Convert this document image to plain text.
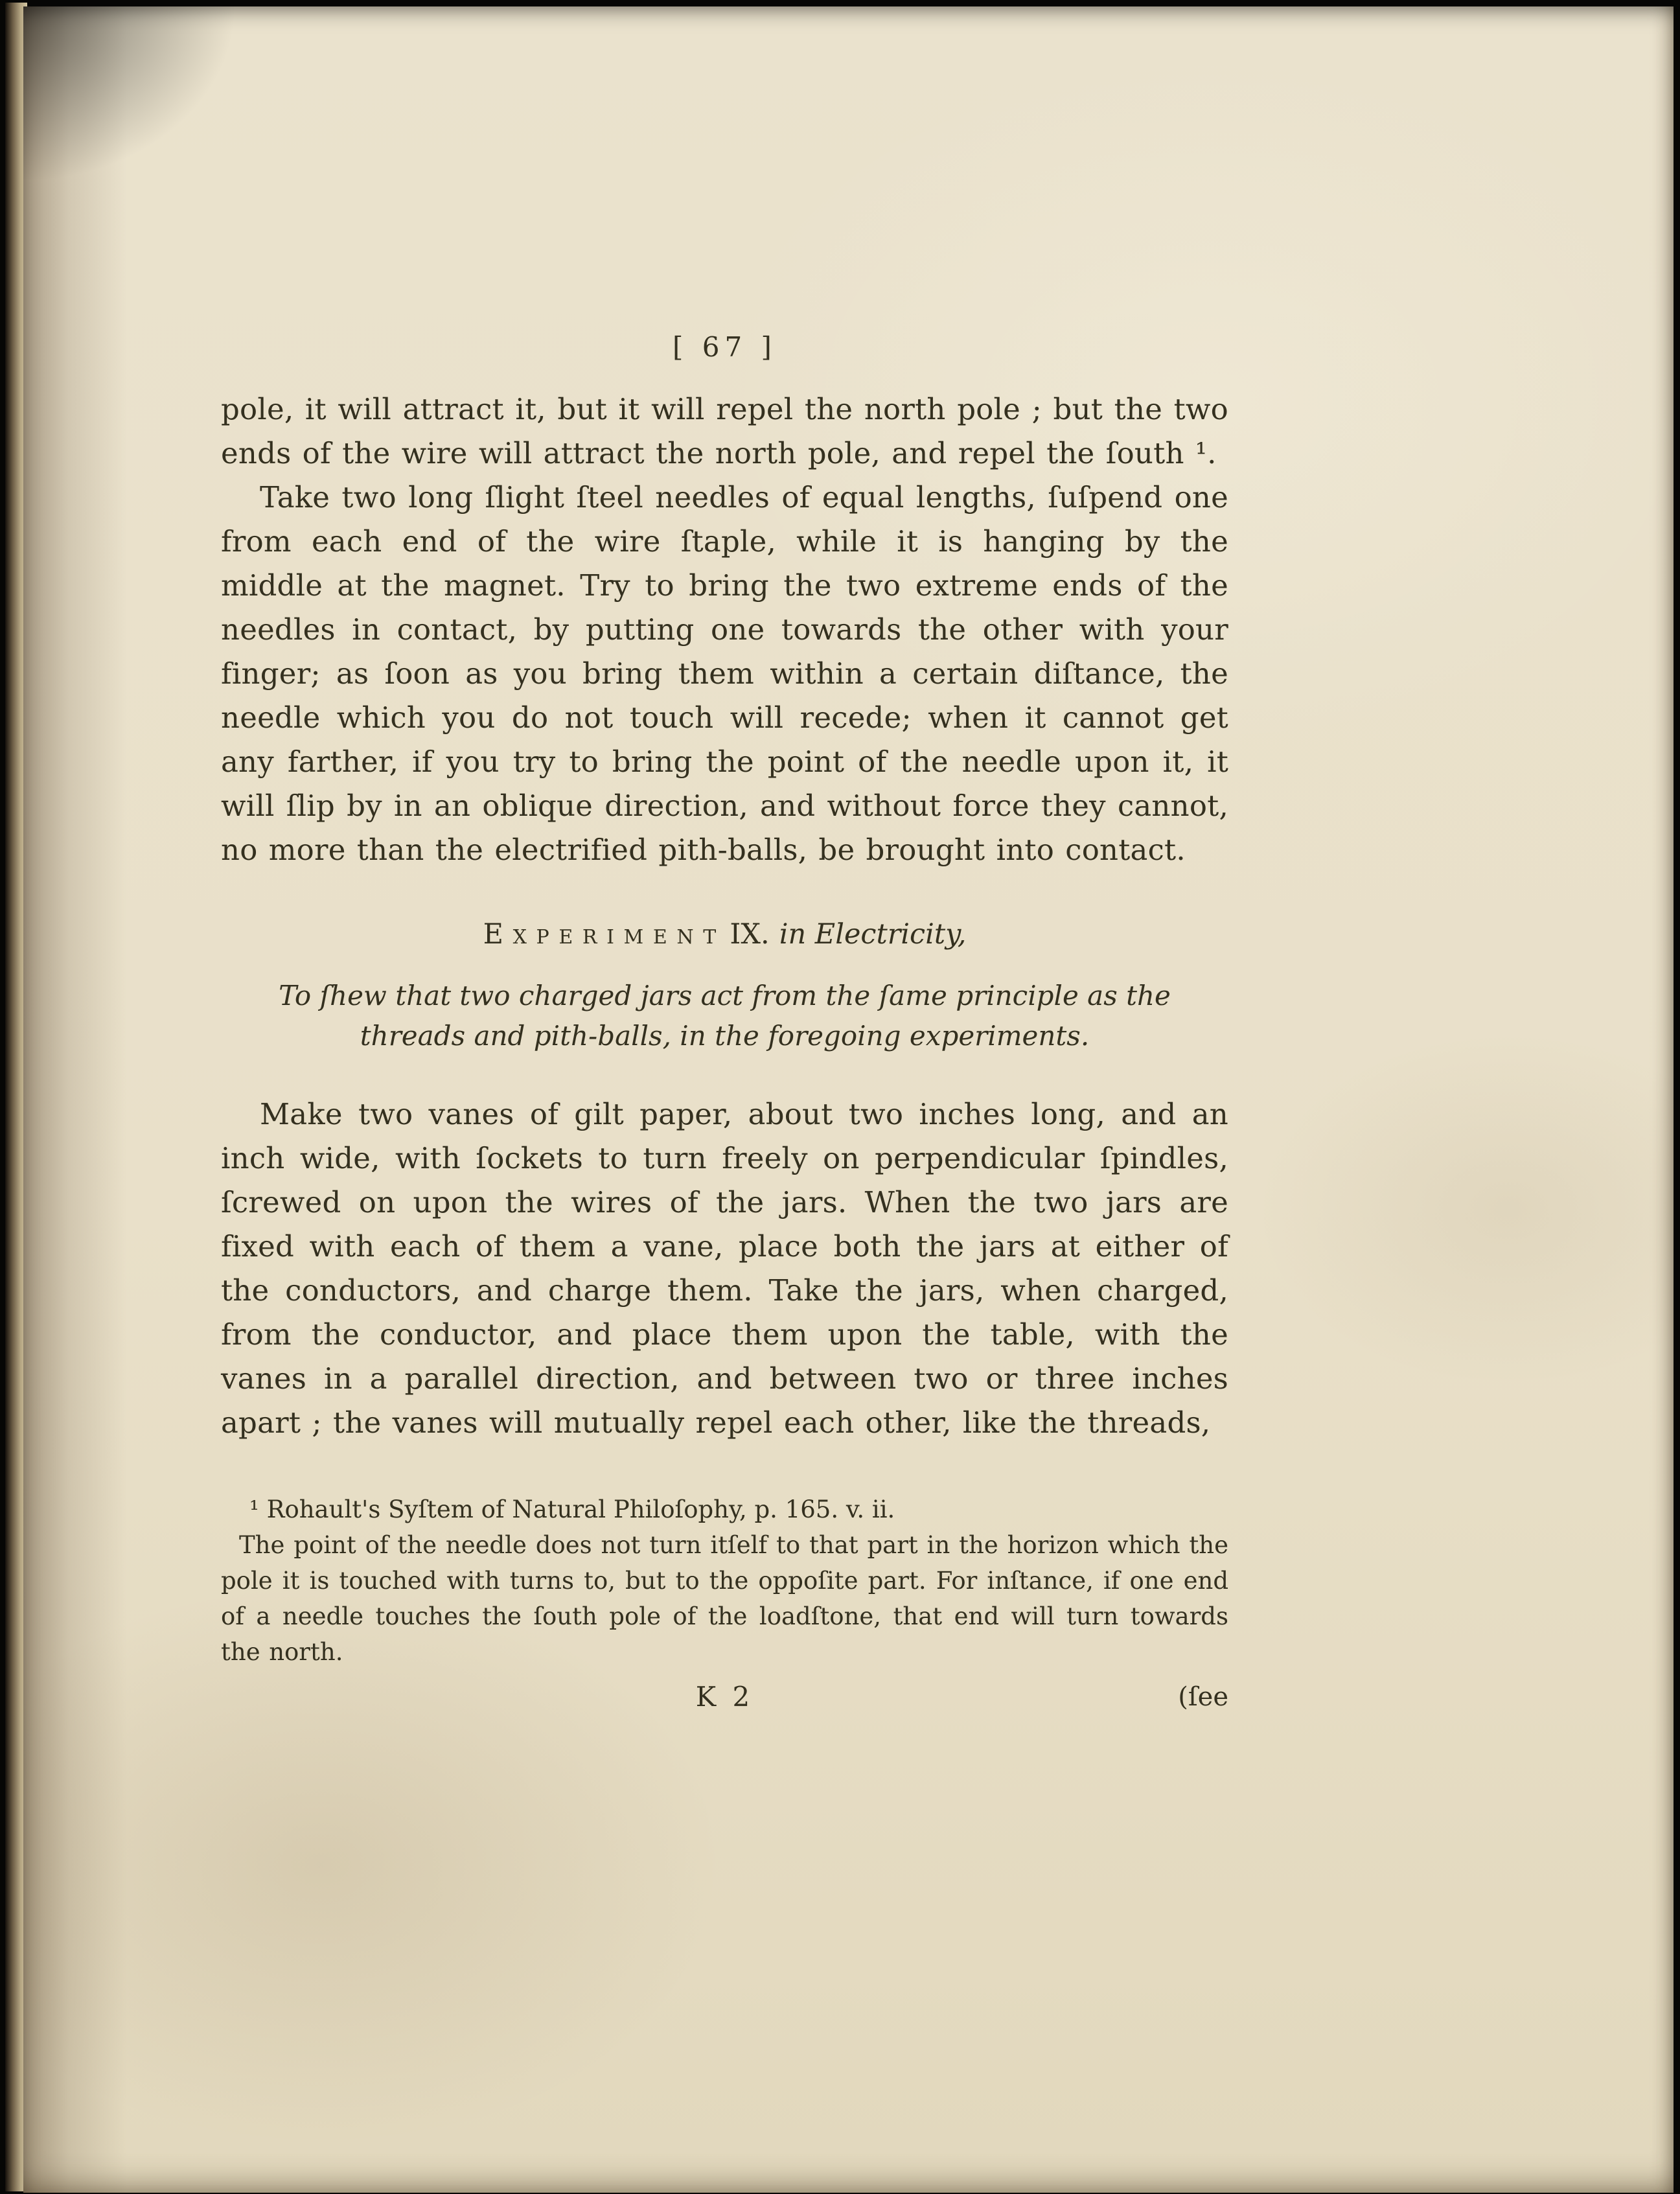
[ 67 ]

pole, it will attract it, but it will repel the north pole ; but the two ends of the wire will attract the north pole, and repel the ſouth ¹.

Take two long ſlight ſteel needles of equal lengths, ſuſpend one from each end of the wire ſtaple, while it is hanging by the middle at the magnet. Try to bring the two extreme ends of the needles in contact, by putting one towards the other with your finger; as ſoon as you bring them within a certain diſtance, the needle which you do not touch will recede; when it cannot get any farther, if you try to bring the point of the needle upon it, it will ſlip by in an oblique direction, and without force they cannot, no more than the electrified pith-balls, be brought into contact.

Experiment IX. in Electricity,
To ſhew that two charged jars act from the ſame principle as the
threads and pith-balls, in the foregoing experiments.

Make two vanes of gilt paper, about two inches long, and an inch wide, with ſockets to turn freely on perpendicular ſpindles, ſcrewed on upon the wires of the jars. When the two jars are fixed with each of them a vane, place both the jars at either of the conductors, and charge them. Take the jars, when charged, from the conductor, and place them upon the table, with the vanes in a parallel direction, and between two or three inches apart ; the vanes will mutually repel each other, like the threads,

¹ Rohault's Syſtem of Natural Philoſophy, p. 165. v. ii.

The point of the needle does not turn itſelf to that part in the horizon which the pole it is touched with turns to, but to the oppoſite part. For inſtance, if one end of a needle touches the ſouth pole of the loadſtone, that end will turn towards the north.

K 2	(ſee
